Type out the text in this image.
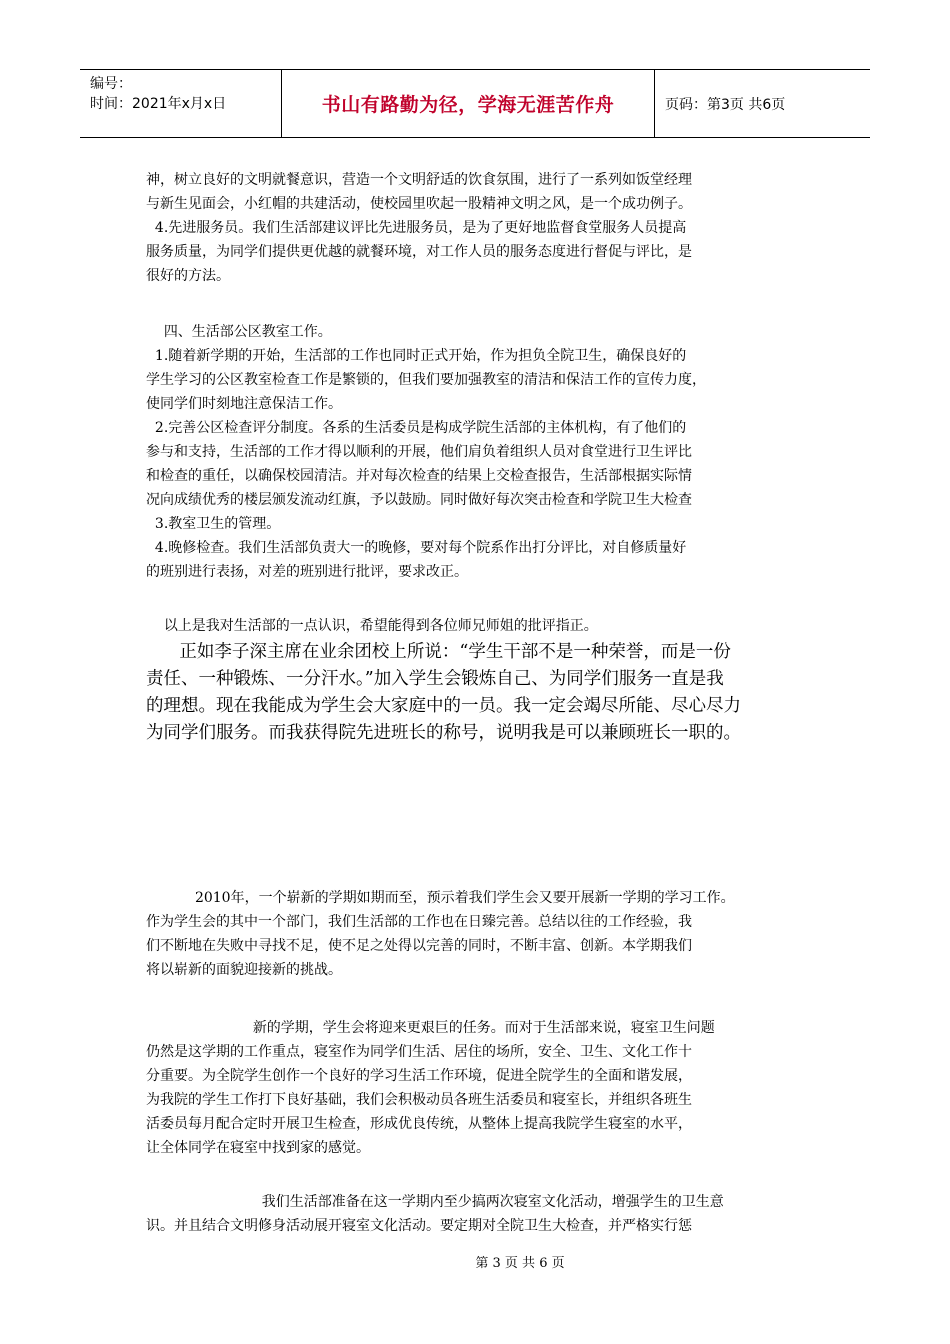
编号：
时间：2021年x月x日	书山有路勤为径，学海无涯苦作舟	页码：第3页 共6页

神，树立良好的文明就餐意识，营造一个文明舒适的饮食氛围，进行了一系列如饭堂经理
与新生见面会，小红帽的共建活动，使校园里吹起一股精神文明之风，是一个成功例子。

4.先进服务员。我们生活部建议评比先进服务员，是为了更好地监督食堂服务人员提高
服务质量，为同学们提供更优越的就餐环境，对工作人员的服务态度进行督促与评比，是
很好的方法。

四、生活部公区教室工作。

1.随着新学期的开始，生活部的工作也同时正式开始，作为担负全院卫生，确保良好的
学生学习的公区教室检查工作是繁锁的，但我们要加强教室的清洁和保洁工作的宣传力度，
使同学们时刻地注意保洁工作。

2.完善公区检查评分制度。各系的生活委员是构成学院生活部的主体机构，有了他们的
参与和支持，生活部的工作才得以顺利的开展，他们肩负着组织人员对食堂进行卫生评比
和检查的重任，以确保校园清洁。并对每次检查的结果上交检查报告，生活部根据实际情
况向成绩优秀的楼层颁发流动红旗，予以鼓励。同时做好每次突击检查和学院卫生大检查

3.教室卫生的管理。

4.晚修检查。我们生活部负责大一的晚修，要对每个院系作出打分评比，对自修质量好
的班别进行表扬，对差的班别进行批评，要求改正。

以上是我对生活部的一点认识，希望能得到各位师兄师姐的批评指正。

正如李子深主席在业余团校上所说：“学生干部不是一种荣誉，而是一份
责任、一种锻炼、一分汗水。”加入学生会锻炼自己、为同学们服务一直是我
的理想。现在我能成为学生会大家庭中的一员。我一定会竭尽所能、尽心尽力
为同学们服务。而我获得院先进班长的称号，说明我是可以兼顾班长一职的。

2010年，一个崭新的学期如期而至，预示着我们学生会又要开展新一学期的学习工作。
作为学生会的其中一个部门，我们生活部的工作也在日臻完善。总结以往的工作经验，我
们不断地在失败中寻找不足，使不足之处得以完善的同时，不断丰富、创新。本学期我们
将以崭新的面貌迎接新的挑战。

新的学期，学生会将迎来更艰巨的任务。而对于生活部来说，寝室卫生问题
仍然是这学期的工作重点，寝室作为同学们生活、居住的场所，安全、卫生、文化工作十
分重要。为全院学生创作一个良好的学习生活工作环境，促进全院学生的全面和谐发展，
为我院的学生工作打下良好基础，我们会积极动员各班生活委员和寝室长，并组织各班生
活委员每月配合定时开展卫生检查，形成优良传统，从整体上提高我院学生寝室的水平，
让全体同学在寝室中找到家的感觉。

我们生活部准备在这一学期内至少搞两次寝室文化活动，增强学生的卫生意
识。并且结合文明修身活动展开寝室文化活动。要定期对全院卫生大检查，并严格实行惩

第 3 页 共 6 页
